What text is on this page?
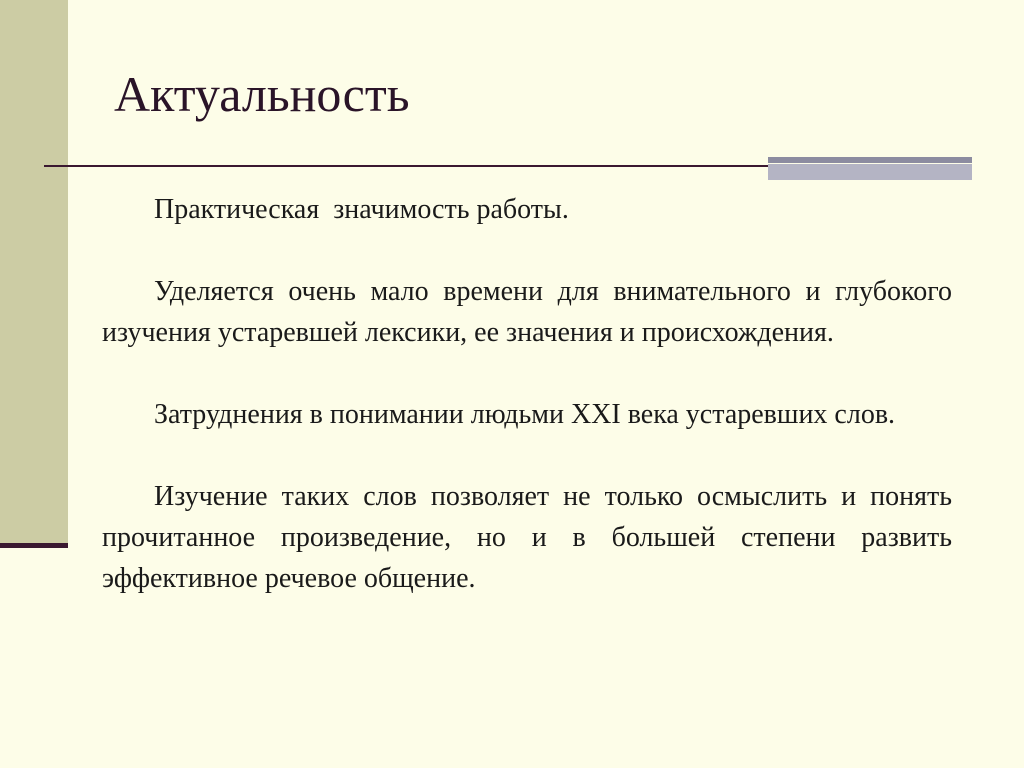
Актуальность

Практическая  значимость работы.

Уделяется очень мало времени для внимательного и глубокого изучения устаревшей лексики, ее значения и происхождения.

Затруднения в понимании людьми XXI века устаревших слов.

Изучение таких слов позволяет не только осмыслить и понять прочитанное произведение, но и в большей степени развить эффективное речевое общение.
